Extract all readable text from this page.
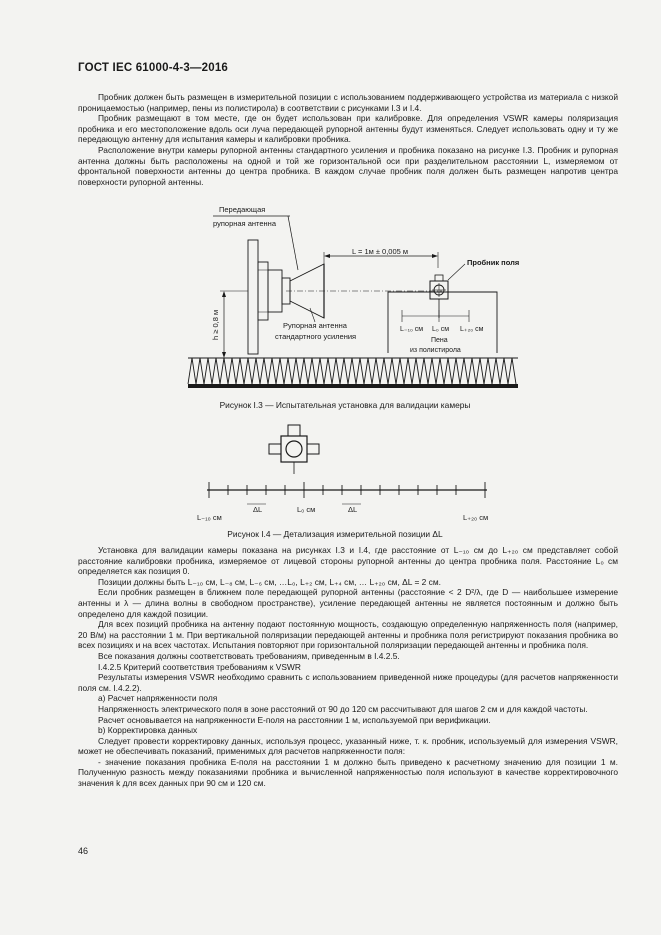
ГОСТ IEC 61000-4-3—2016

Пробник должен быть размещен в измерительной позиции с использованием поддерживающего устройства из материала с низкой проницаемостью (например, пены из полистирола) в соответствии с рисунками I.3 и I.4.

Пробник размещают в том месте, где он будет использован при калибровке. Для определения VSWR камеры поляризация пробника и его местоположение вдоль оси луча передающей рупорной антенны будут изменяться. Следует использовать одну и ту же передающую антенну для испытания камеры и калибровки пробника.

Расположение внутри камеры рупорной антенны стандартного усиления и пробника показано на рисунке I.3. Пробник и рупорная антенна должны быть расположены на одной и той же горизонтальной оси при разделительном расстоянии L, измеряемом от фронтальной поверхности антенны до центра пробника. В каждом случае пробник поля должен быть размещен напротив центра поверхности рупорной антенны.

Передающая
рупорная антенна
L = 1м ± 0,005 м
Пробник поля
L₋₁₀ см L₀ см L₊₂₀ см
Пена
из полистирола
Рупорная антенна
стандартного усиления
h ≥ 0,8 м
Рисунок I.3 — Испытательная установка для валидации камеры
ΔL	ΔL
L₋₁₀ см
L₀ см
L₊₂₀ см
Рисунок I.4 — Детализация измерительной позиции ΔL

Установка для валидации камеры показана на рисунках I.3 и I.4, где расстояние от L₋₁₀ см до L₊₂₀ см представляет собой расстояние калибровки пробника, измеряемое от лицевой стороны рупорной антенны до центра пробника поля. Расстояние L₀ см определяется как позиция 0.

Позиции должны быть L₋₁₀ см, L₋₈ см, L₋₆ см, …L₀, L₊₂ см, L₊₄ см, … L₊₂₀ см, ΔL = 2 см.

Если пробник размещен в ближнем поле передающей рупорной антенны (расстояние < 2 D²/λ, где D — наибольшее измерение антенны и λ — длина волны в свободном пространстве), усиление передающей антенны не является постоянным и должно быть определено для каждой позиции.

Для всех позиций пробника на антенну подают постоянную мощность, создающую определенную напряженность поля (например, 20 В/м) на расстоянии 1 м. При вертикальной поляризации передающей антенны и пробника поля регистрируют показания пробника во всех позициях и на всех частотах. Испытания повторяют при горизонтальной поляризации передающей антенны и пробника поля.

Все показания должны соответствовать требованиям, приведенным в I.4.2.5.

I.4.2.5 Критерий соответствия требованиям к VSWR

Результаты измерения VSWR необходимо сравнить с использованием приведенной ниже процедуры (для расчетов напряженности поля см. I.4.2.2).

a) Расчет напряженности поля

Напряженность электрического поля в зоне расстояний от 90 до 120 см рассчитывают для шагов 2 см и для каждой частоты.

Расчет основывается на напряженности E-поля на расстоянии 1 м, используемой при верификации.

b) Корректировка данных

Следует провести корректировку данных, используя процесс, указанный ниже, т. к. пробник, используемый для измерения VSWR, может не обеспечивать показаний, применимых для расчетов напряженности поля:

- значение показания пробника E-поля на расстоянии 1 м должно быть приведено к расчетному значению для позиции 1 м. Полученную разность между показаниями пробника и вычисленной напряженностью поля используют в качестве корректировочного значения k для всех данных при 90 см и 120 см.

46
